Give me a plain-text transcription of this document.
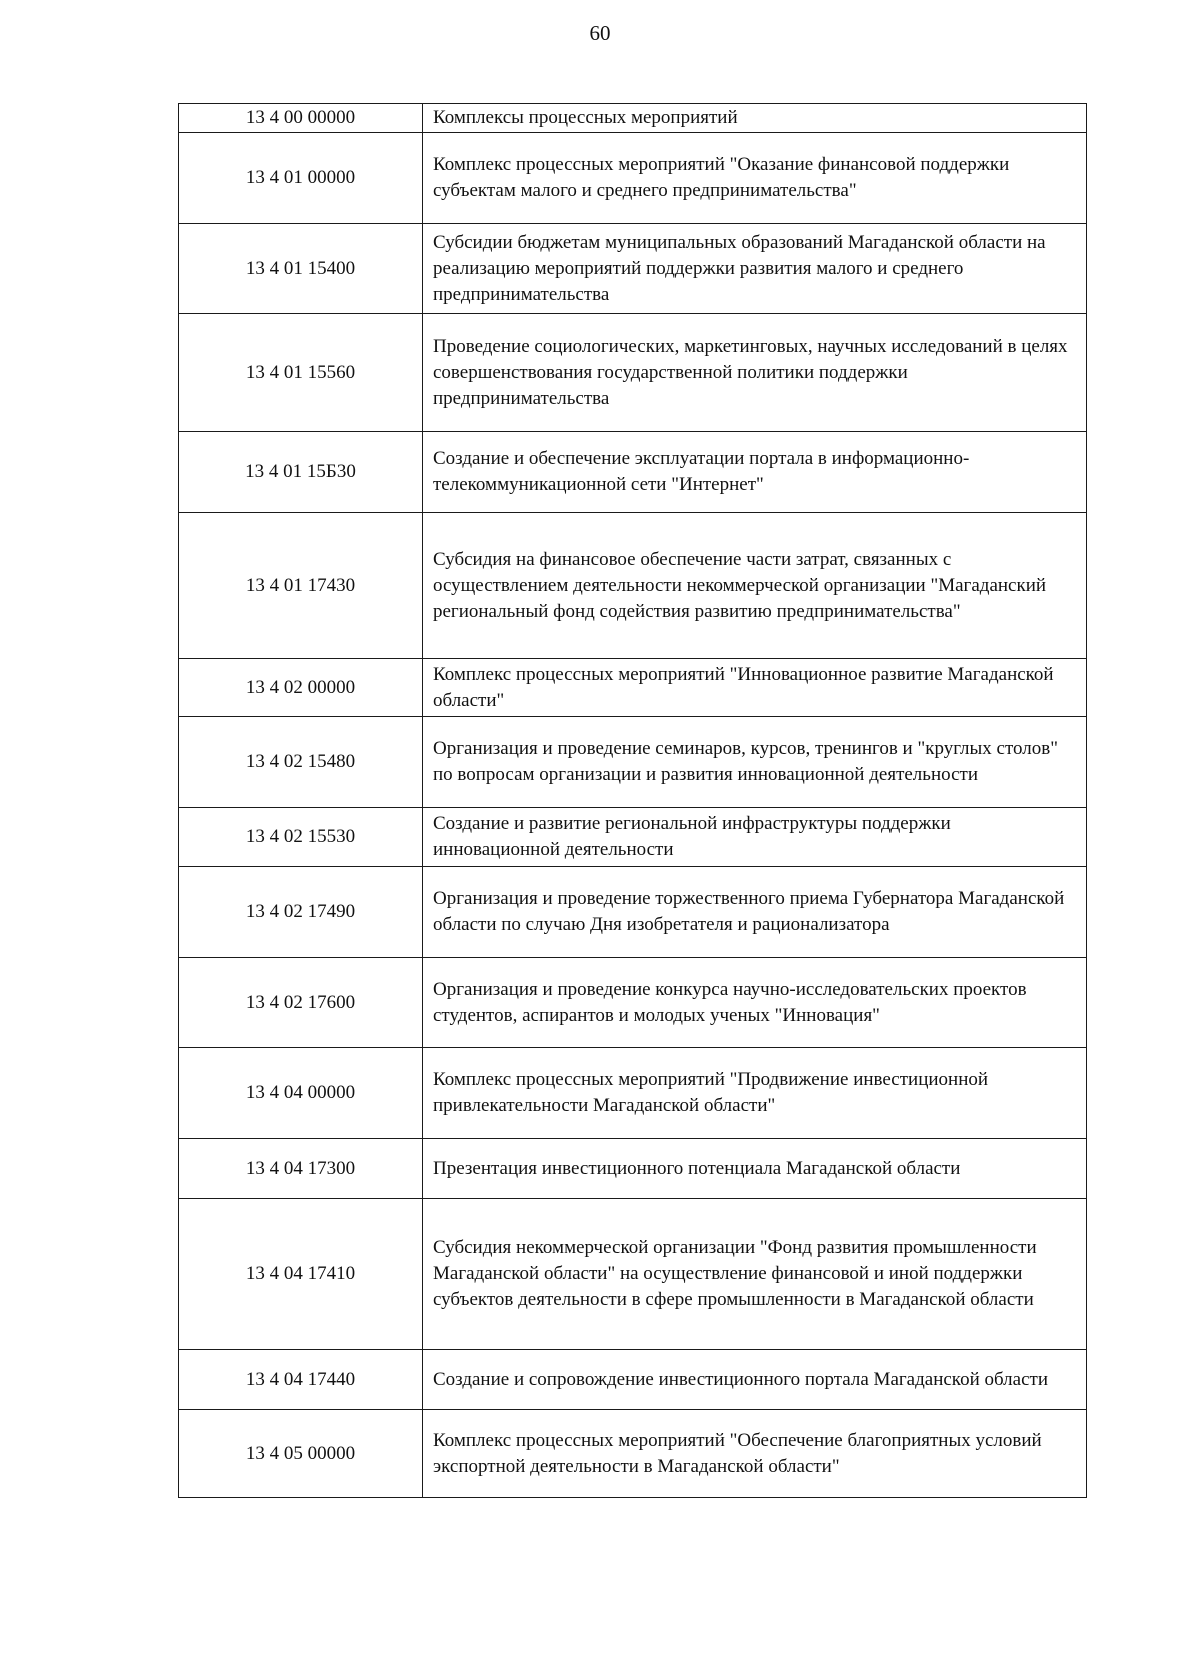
60
13 4 00 00000	Комплексы процессных мероприятий
13 4 01 00000	Комплекс процессных мероприятий "Оказание финансовой поддержки субъектам малого и среднего предпринимательства"
13 4 01 15400	Субсидии бюджетам муниципальных образований Магаданской области на реализацию мероприятий поддержки развития малого и среднего предпринимательства
13 4 01 15560	Проведение социологических, маркетинговых, научных исследований в целях совершенствования государственной политики поддержки предпринимательства
13 4 01 15Б30	Создание и обеспечение эксплуатации портала в информационно-телекоммуникационной сети "Интернет"
13 4 01 17430	Субсидия на финансовое обеспечение части затрат, связанных с осуществлением деятельности некоммерческой организации "Магаданский региональный фонд содействия развитию предпринимательства"
13 4 02 00000	Комплекс процессных мероприятий "Инновационное развитие Магаданской области"
13 4 02 15480	Организация и проведение семинаров, курсов, тренингов и "круглых столов" по вопросам организации и развития инновационной деятельности
13 4 02 15530	Создание и развитие региональной инфраструктуры поддержки инновационной деятельности
13 4 02 17490	Организация и проведение торжественного приема Губернатора Магаданской области по случаю Дня изобретателя и рационализатора
13 4 02 17600	Организация и проведение конкурса научно-исследовательских проектов студентов, аспирантов и молодых ученых "Инновация"
13 4 04 00000	Комплекс процессных мероприятий "Продвижение инвестиционной привлекательности Магаданской области"
13 4 04 17300	Презентация инвестиционного потенциала Магаданской области
13 4 04 17410	Субсидия некоммерческой организации "Фонд развития промышленности Магаданской области" на осуществление финансовой и иной поддержки субъектов деятельности в сфере промышленности в Магаданской области
13 4 04 17440	Создание и сопровождение инвестиционного портала Магаданской области
13 4 05 00000	Комплекс процессных мероприятий "Обеспечение благоприятных условий экспортной деятельности в Магаданской области"
